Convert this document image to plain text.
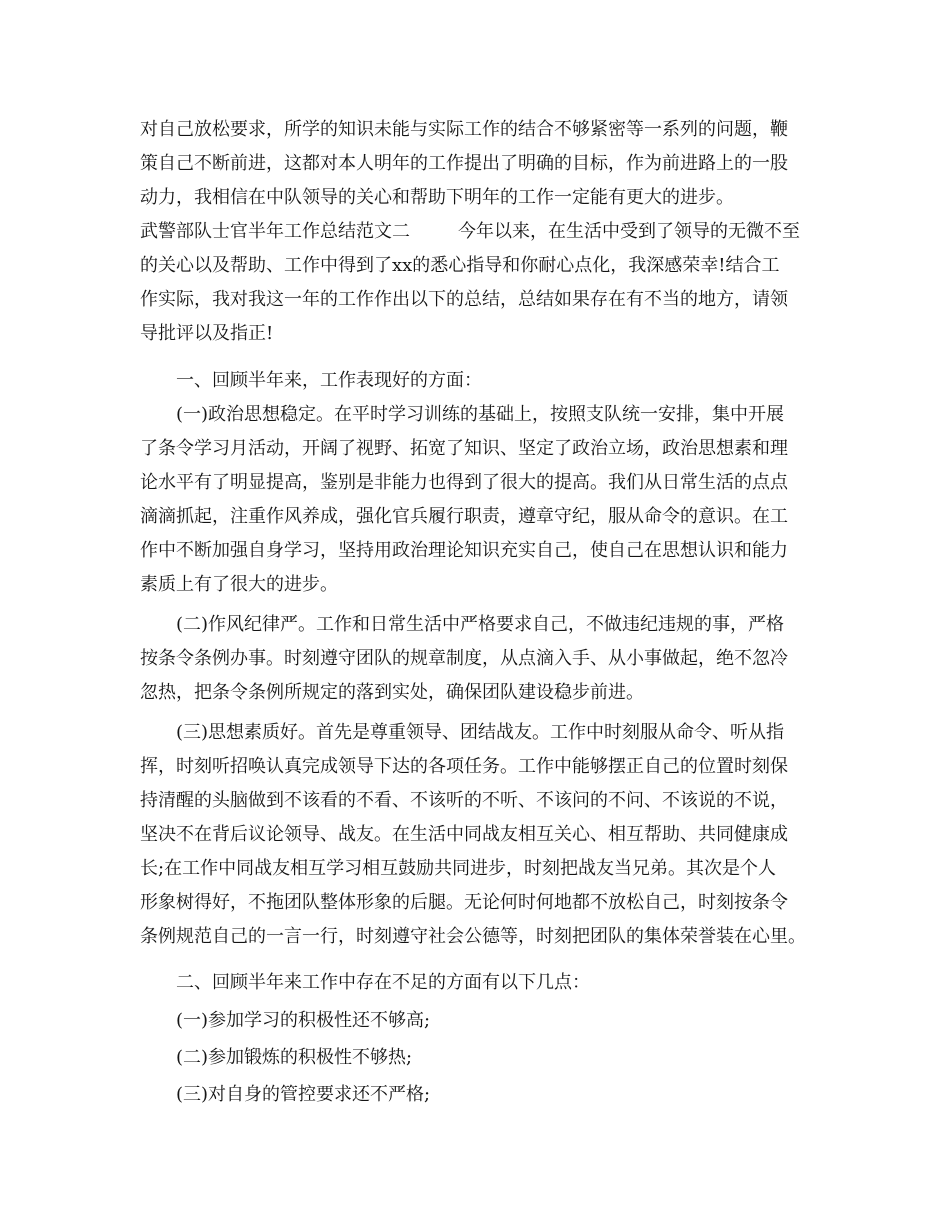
对自己放松要求，所学的知识未能与实际工作的结合不够紧密等一系列的问题，鞭
策自己不断前进，这都对本人明年的工作提出了明确的目标，作为前进路上的一股
动力，我相信在中队领导的关心和帮助下明年的工作一定能有更大的进步。
武警部队士官半年工作总结范文二	今年以来，在生活中受到了领导的无微不至
的关心以及帮助、工作中得到了xx的悉心指导和你耐心点化，我深感荣幸!结合工
作实际，我对我这一年的工作作出以下的总结，总结如果存在有不当的地方，请领
导批评以及指正!
一、回顾半年来，工作表现好的方面：
(一)政治思想稳定。在平时学习训练的基础上，按照支队统一安排，集中开展
了条令学习月活动，开阔了视野、拓宽了知识、坚定了政治立场，政治思想素和理
论水平有了明显提高，鉴别是非能力也得到了很大的提高。我们从日常生活的点点
滴滴抓起，注重作风养成，强化官兵履行职责，遵章守纪，服从命令的意识。在工
作中不断加强自身学习，坚持用政治理论知识充实自己，使自己在思想认识和能力
素质上有了很大的进步。
(二)作风纪律严。工作和日常生活中严格要求自己，不做违纪违规的事，严格
按条令条例办事。时刻遵守团队的规章制度，从点滴入手、从小事做起，绝不忽冷
忽热，把条令条例所规定的落到实处，确保团队建设稳步前进。
(三)思想素质好。首先是尊重领导、团结战友。工作中时刻服从命令、听从指
挥，时刻听招唤认真完成领导下达的各项任务。工作中能够摆正自己的位置时刻保
持清醒的头脑做到不该看的不看、不该听的不听、不该问的不问、不该说的不说，
坚决不在背后议论领导、战友。在生活中同战友相互关心、相互帮助、共同健康成
长;在工作中同战友相互学习相互鼓励共同进步，时刻把战友当兄弟。其次是个人
形象树得好，不拖团队整体形象的后腿。无论何时何地都不放松自己，时刻按条令
条例规范自己的一言一行，时刻遵守社会公德等，时刻把团队的集体荣誉装在心里。
二、回顾半年来工作中存在不足的方面有以下几点：
(一)参加学习的积极性还不够高;
(二)参加锻炼的积极性不够热;
(三)对自身的管控要求还不严格;
